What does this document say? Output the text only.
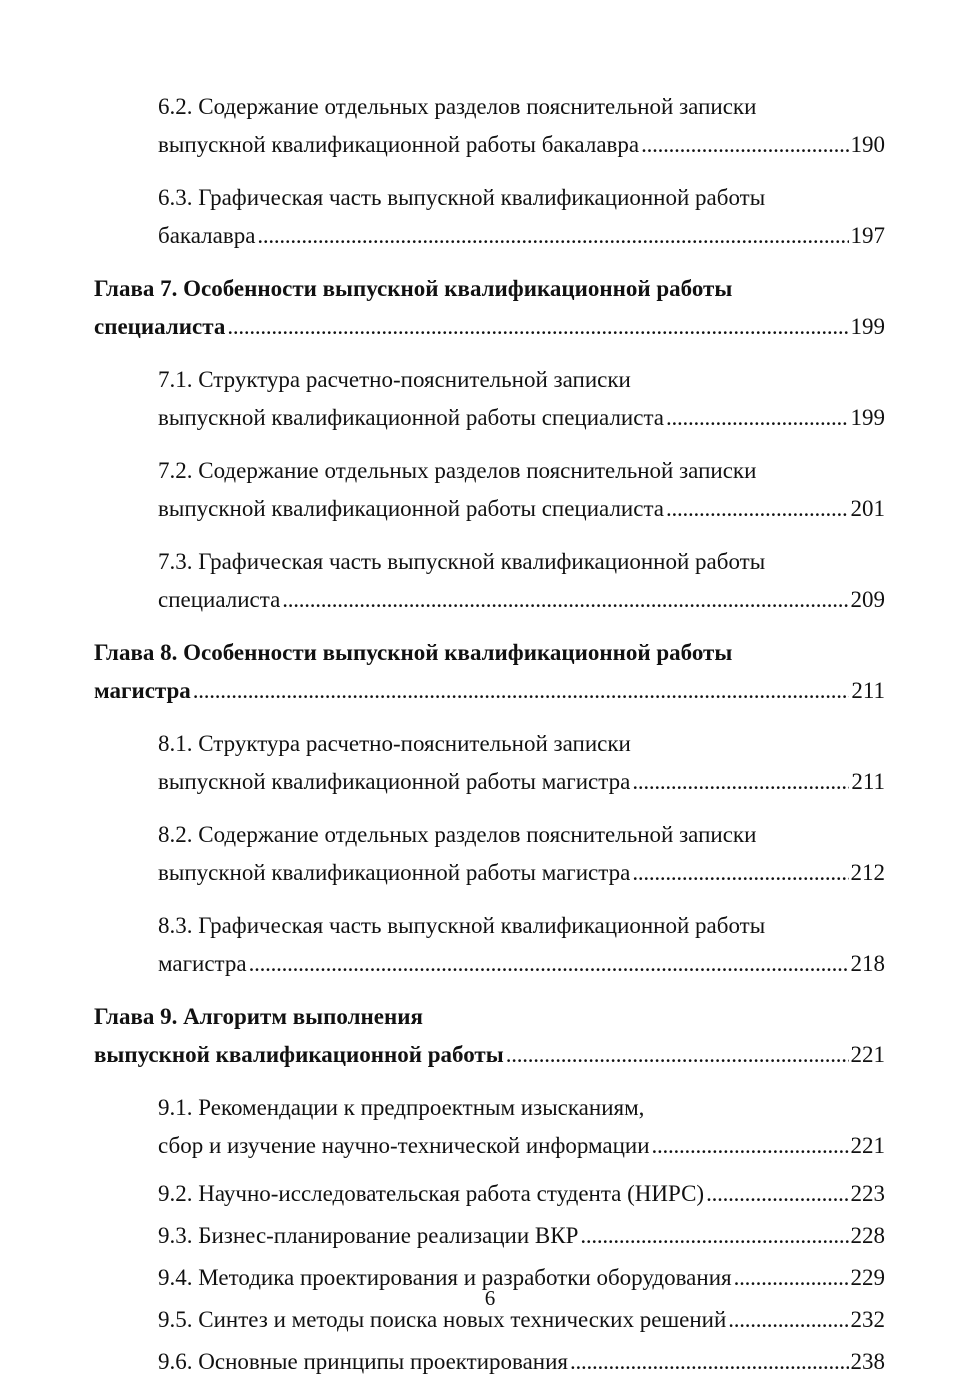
6.2. Содержание отдельных разделов пояснительной записки
выпускной квалификационной работы бакалавра . . .	190
6.3. Графическая часть выпускной квалификационной работы
бакалавра . . .	197
Глава 7. Особенности выпускной квалификационной работы
специалиста . . .	199
7.1. Структура расчетно-пояснительной записки
выпускной квалификационной работы специалиста . . .	199
7.2. Содержание отдельных разделов пояснительной записки
выпускной квалификационной работы специалиста . . .	201
7.3. Графическая часть выпускной квалификационной работы
специалиста . . .	209
Глава 8. Особенности выпускной квалификационной работы
магистра . . .	211
8.1. Структура расчетно-пояснительной записки
выпускной квалификационной работы магистра . . .	211
8.2. Содержание отдельных разделов пояснительной записки
выпускной квалификационной работы магистра . . .	212
8.3. Графическая часть выпускной квалификационной работы
магистра . . .	218
Глава 9. Алгоритм выполнения
выпускной квалификационной работы . . .	221
9.1. Рекомендации к предпроектным изысканиям,
сбор и изучение научно-технической информации . . .	221
9.2. Научно-исследовательская работа студента (НИРС) . . .	223
9.3. Бизнес-планирование реализации ВКР . . .	228
9.4. Методика проектирования и разработки оборудования . . .	229
9.5. Синтез и методы поиска новых технических решений . . .	232
9.6. Основные принципы проектирования . . .	238
6
